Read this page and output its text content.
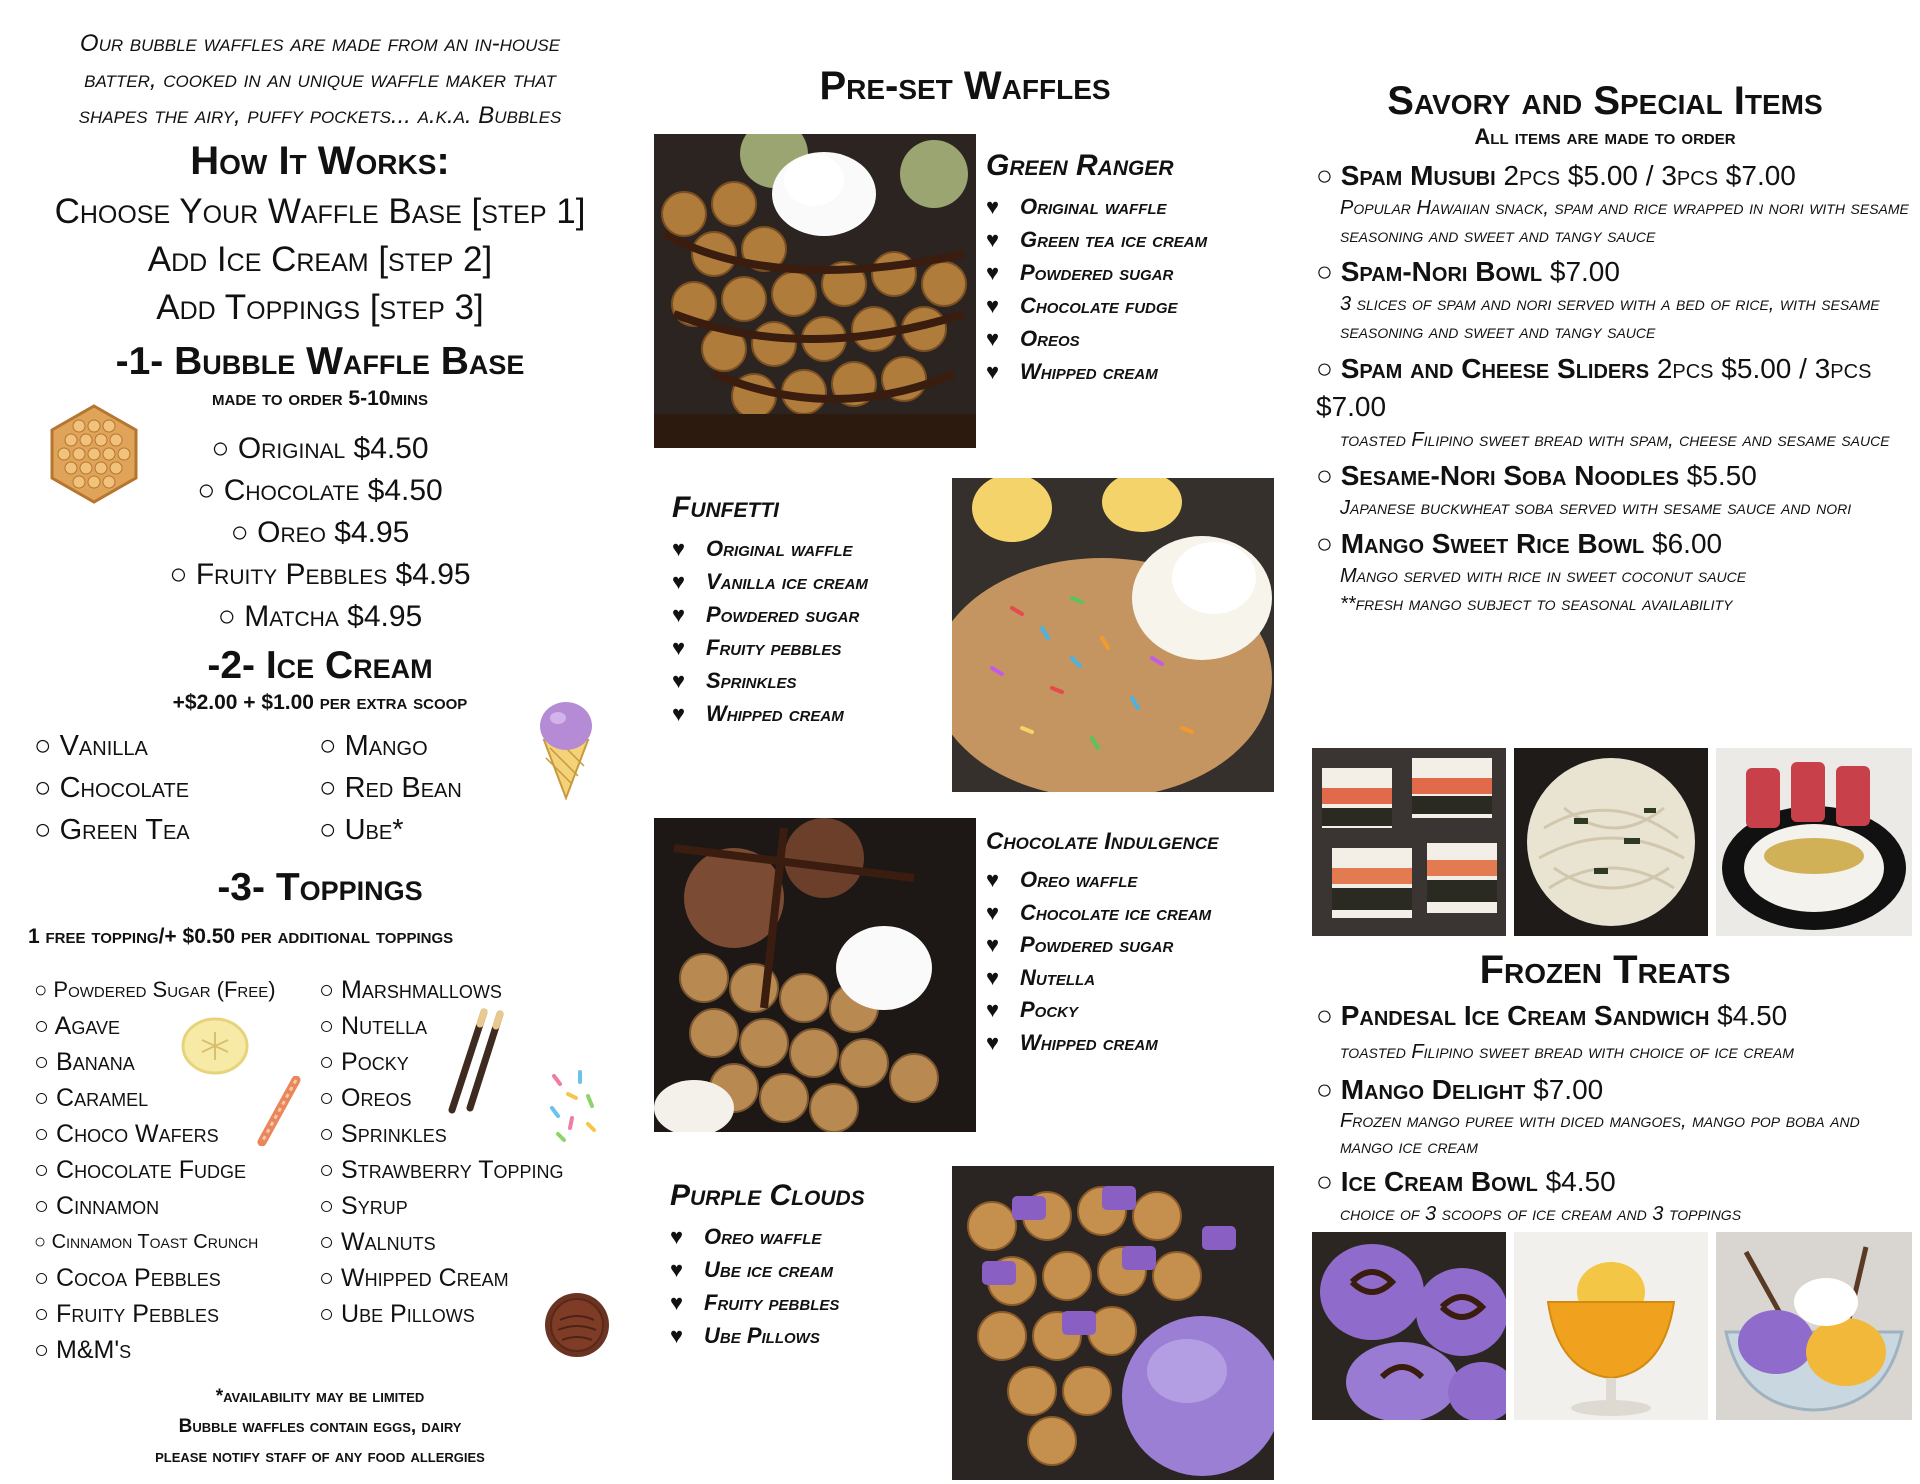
Our bubble waffles are made from an in-house
batter, cooked in an unique waffle maker that
shapes the airy, puffy pockets... a.k.a. Bubbles
How It Works:
Choose Your Waffle Base [step 1]
Add Ice Cream [step 2]
Add Toppings [step 3]
-1- Bubble Waffle Base
made to order 5-10mins
○ Original $4.50
○ Chocolate $4.50
○ Oreo $4.95
○ Fruity Pebbles $4.95
○ Matcha $4.95
-2- Ice Cream
+$2.00 + $1.00 per extra scoop
○ Vanilla	○ Mango
○ Chocolate	○ Red Bean
○ Green Tea	○ Ube*
-3- Toppings
1 free topping/+ $0.50 per additional toppings
○ Powdered Sugar (Free)	○ Marshmallows
○ Agave	○ Nutella
○ Banana	○ Pocky
○ Caramel	○ Oreos
○ Choco Wafers	○ Sprinkles
○ Chocolate Fudge	○ Strawberry Topping
○ Cinnamon	○ Syrup
○ Cinnamon Toast Crunch	○ Walnuts
○ Cocoa Pebbles	○ Whipped Cream
○ Fruity Pebbles	○ Ube Pillows
○ M&M's
*availability may be limited
Bubble waffles contain eggs, dairy
please notify staff of any food allergies
Pre-set Waffles
Green Ranger
♥ Original waffle
♥ Green tea ice cream
♥ Powdered sugar
♥ Chocolate fudge
♥ Oreos
♥ Whipped cream
Funfetti
♥ Original waffle
♥ Vanilla ice cream
♥ Powdered sugar
♥ Fruity pebbles
♥ Sprinkles
♥ Whipped cream
Chocolate Indulgence
♥ Oreo waffle
♥ Chocolate ice cream
♥ Powdered sugar
♥ Nutella
♥ Pocky
♥ Whipped cream
Purple Clouds
♥ Oreo waffle
♥ Ube ice cream
♥ Fruity pebbles
♥ Ube Pillows
Savory and Special Items
All items are made to order
○ Spam Musubi 2pcs $5.00 / 3pcs $7.00
Popular Hawaiian snack, spam and rice wrapped in nori with sesame seasoning and sweet and tangy sauce
○ Spam-Nori Bowl $7.00
3 slices of spam and nori served with a bed of rice, with sesame seasoning and sweet and tangy sauce
○ Spam and Cheese Sliders 2pcs $5.00 / 3pcs $7.00
toasted Filipino sweet bread with spam, cheese and sesame sauce
○ Sesame-Nori Soba Noodles $5.50
Japanese buckwheat soba served with sesame sauce and nori
○ Mango Sweet Rice Bowl $6.00
Mango served with rice in sweet coconut sauce
**fresh mango subject to seasonal availability
Frozen Treats
○ Pandesal Ice Cream Sandwich $4.50
toasted Filipino sweet bread with choice of ice cream
○ Mango Delight $7.00
Frozen mango puree with diced mangoes, mango pop boba and mango ice cream
○ Ice Cream Bowl $4.50
choice of 3 scoops of ice cream and 3 toppings
